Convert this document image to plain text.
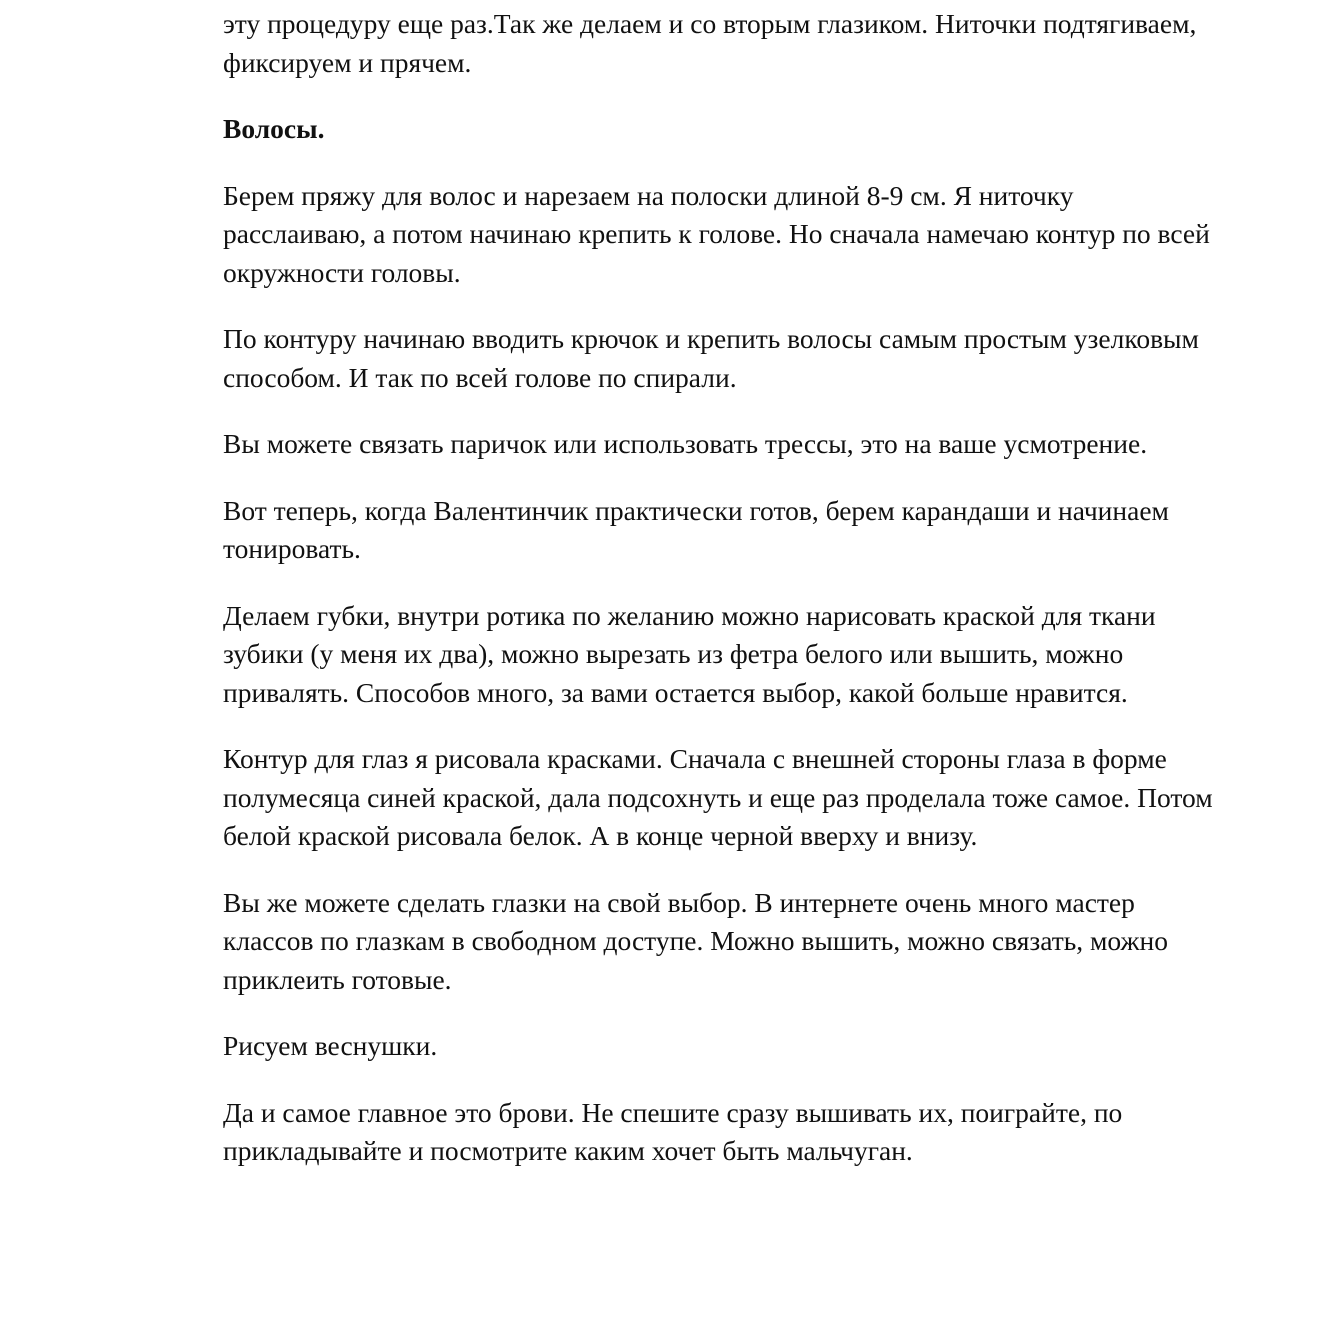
эту процедуру еще раз.Так же делаем и со вторым глазиком. Ниточки подтягиваем, фиксируем и прячем.

Волосы.

Берем пряжу для волос и нарезаем на полоски длиной 8-9 см. Я ниточку расслаиваю, а потом начинаю крепить к голове. Но сначала намечаю контур по всей окружности головы.

По контуру начинаю вводить крючок и крепить волосы самым простым узелковым способом. И так по всей голове по спирали.

Вы можете связать паричок или использовать трессы, это на ваше усмотрение.

Вот теперь, когда Валентинчик практически готов, берем карандаши и начинаем тонировать.

Делаем губки, внутри ротика по желанию можно нарисовать краской для ткани зубики (у меня их два), можно вырезать из фетра белого или вышить, можно привалять. Способов много, за вами остается выбор, какой больше нравится.

Контур для глаз я рисовала красками. Сначала с внешней стороны глаза в форме полумесяца синей краской, дала подсохнуть и еще раз проделала тоже самое. Потом белой краской рисовала белок. А в конце черной вверху и внизу.

Вы же можете сделать глазки на свой выбор. В интернете очень много мастер классов по глазкам в свободном доступе. Можно вышить, можно связать, можно приклеить готовые.

Рисуем веснушки.

Да и самое главное это брови. Не спешите сразу вышивать их, поиграйте, по прикладывайте и посмотрите каким хочет быть мальчуган.
